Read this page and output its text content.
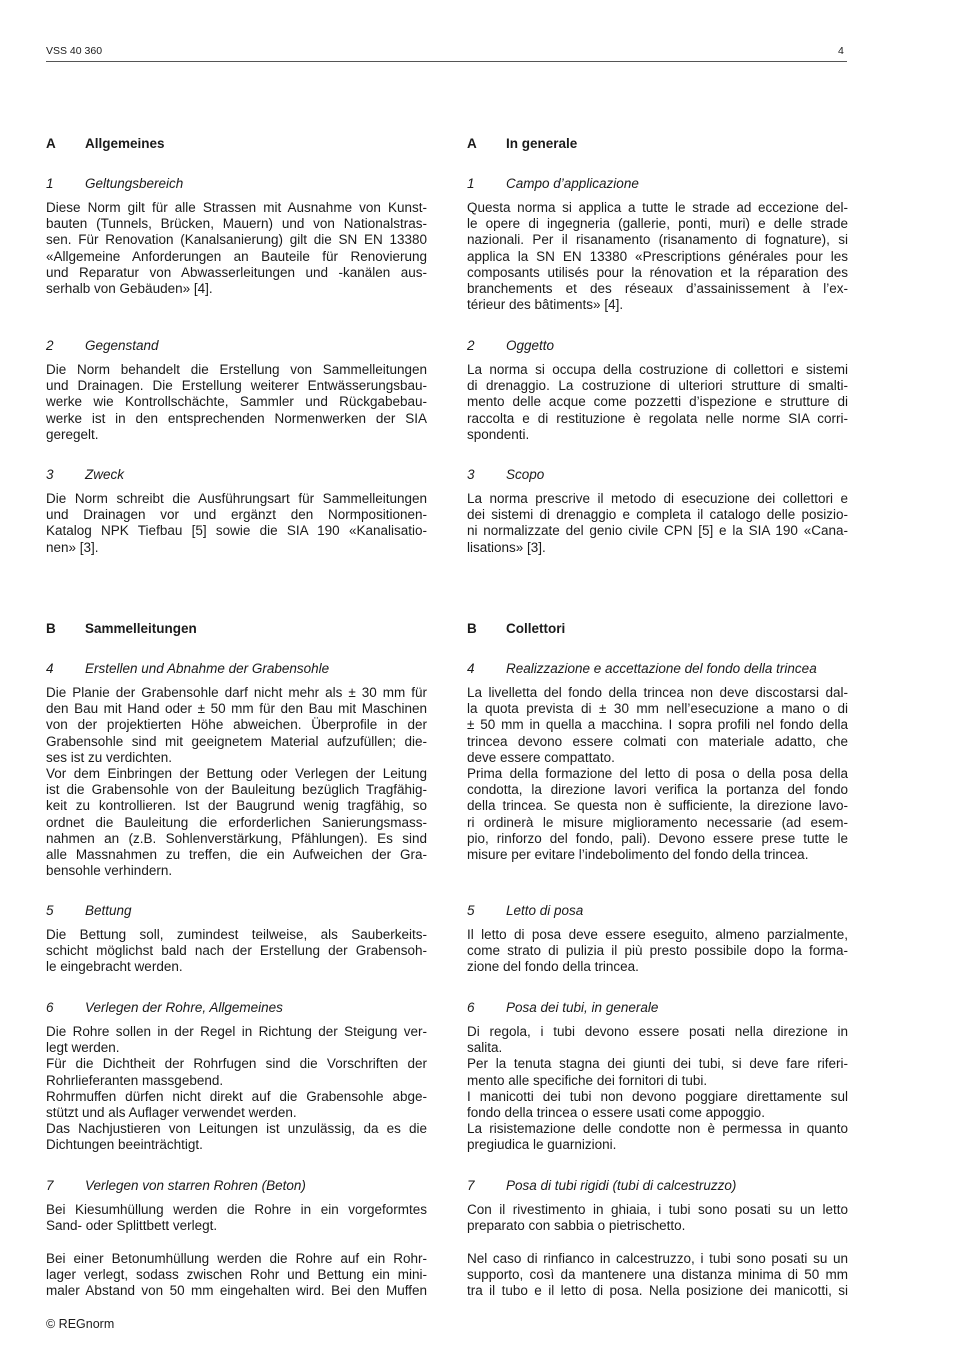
VSS 40 360	4
A Allgemeines
1 Geltungsbereich
Diese Norm gilt für alle Strassen mit Ausnahme von Kunst-
bauten (Tunnels, Brücken, Mauern) und von Nationalstras-
sen. Für Renovation (Kanalsanierung) gilt die SN EN 13380
«Allgemeine Anforderungen an Bauteile für Renovierung
und Reparatur von Abwasserleitungen und -kanälen aus-
serhalb von Gebäuden» [4].
2 Gegenstand
Die Norm behandelt die Erstellung von Sammelleitungen
und Drainagen. Die Erstellung weiterer Entwässerungsbau-
werke wie Kontrollschächte, Sammler und Rückgabebau-
werke ist in den entsprechenden Normenwerken der SIA
geregelt.
3 Zweck
Die Norm schreibt die Ausführungsart für Sammelleitungen
und Drainagen vor und ergänzt den Normpositionen-
Katalog NPK Tiefbau [5] sowie die SIA 190 «Kanalisatio-
nen» [3].
B Sammelleitungen
4 Erstellen und Abnahme der Grabensohle
Die Planie der Grabensohle darf nicht mehr als ± 30 mm für
den Bau mit Hand oder ± 50 mm für den Bau mit Maschinen
von der projektierten Höhe abweichen. Überprofile in der
Grabensohle sind mit geeignetem Material aufzufüllen; die-
ses ist zu verdichten.
Vor dem Einbringen der Bettung oder Verlegen der Leitung
ist die Grabensohle von der Bauleitung bezüglich Tragfähig-
keit zu kontrollieren. Ist der Baugrund wenig tragfähig, so
ordnet die Bauleitung die erforderlichen Sanierungsmass-
nahmen an (z.B. Sohlenverstärkung, Pfählungen). Es sind
alle Massnahmen zu treffen, die ein Aufweichen der Gra-
bensohle verhindern.
5 Bettung
Die Bettung soll, zumindest teilweise, als Sauberkeits-
schicht möglichst bald nach der Erstellung der Grabensoh-
le eingebracht werden.
6 Verlegen der Rohre, Allgemeines
Die Rohre sollen in der Regel in Richtung der Steigung ver-
legt werden.
Für die Dichtheit der Rohrfugen sind die Vorschriften der
Rohrlieferanten massgebend.
Rohrmuffen dürfen nicht direkt auf die Grabensohle abge-
stützt und als Auflager verwendet werden.
Das Nachjustieren von Leitungen ist unzulässig, da es die
Dichtungen beeinträchtigt.
7 Verlegen von starren Rohren (Beton)
Bei Kiesumhüllung werden die Rohre in ein vorgeformtes
Sand- oder Splittbett verlegt.
Bei einer Betonumhüllung werden die Rohre auf ein Rohr-
lager verlegt, sodass zwischen Rohr und Bettung ein mini-
maler Abstand von 50 mm eingehalten wird. Bei den Muffen
A In generale
1 Campo d’applicazione
Questa norma si applica a tutte le strade ad eccezione del-
le opere di ingegneria (gallerie, ponti, muri) e delle strade
nazionali. Per il risanamento (risanamento di fognature), si
applica la SN EN 13380 «Prescriptions générales pour les
composants utilisés pour la rénovation et la réparation des
branchements et des réseaux d’assainissement à l’ex-
térieur des bâtiments» [4].
2 Oggetto
La norma si occupa della costruzione di collettori e sistemi
di drenaggio. La costruzione di ulteriori strutture di smalti-
mento delle acque come pozzetti d’ispezione e strutture di
raccolta e di restituzione è regolata nelle norme SIA corri-
spondenti.
3 Scopo
La norma prescrive il metodo di esecuzione dei collettori e
dei sistemi di drenaggio e completa il catalogo delle posizio-
ni normalizzate del genio civile CPN [5] e la SIA 190 «Cana-
lisations» [3].
B Collettori
4 Realizzazione e accettazione del fondo della trincea
La livelletta del fondo della trincea non deve discostarsi dal-
la quota prevista di ± 30 mm nell’esecuzione a mano o di
± 50 mm in quella a macchina. I sopra profili nel fondo della
trincea devono essere colmati con materiale adatto, che
deve essere compattato.
Prima della formazione del letto di posa o della posa della
condotta, la direzione lavori verifica la portanza del fondo
della trincea. Se questa non è sufficiente, la direzione lavo-
ri ordinerà le misure miglioramento necessarie (ad esem-
pio, rinforzo del fondo, pali). Devono essere prese tutte le
misure per evitare l’indebolimento del fondo della trincea.
5 Letto di posa
Il letto di posa deve essere eseguito, almeno parzialmente,
come strato di pulizia il più presto possibile dopo la forma-
zione del fondo della trincea.
6 Posa dei tubi, in generale
Di regola, i tubi devono essere posati nella direzione in
salita.
Per la tenuta stagna dei giunti dei tubi, si deve fare riferi-
mento alle specifiche dei fornitori di tubi.
I manicotti dei tubi non devono poggiare direttamente sul
fondo della trincea o essere usati come appoggio.
La risistemazione delle condotte non è permessa in quanto
pregiudica le guarnizioni.
7 Posa di tubi rigidi (tubi di calcestruzzo)
Con il rivestimento in ghiaia, i tubi sono posati su un letto
preparato con sabbia o pietrischetto.
Nel caso di rinfianco in calcestruzzo, i tubi sono posati su un
supporto, così da mantenere una distanza minima di 50 mm
tra il tubo e il letto di posa. Nella posizione dei manicotti, si
© REGnorm
